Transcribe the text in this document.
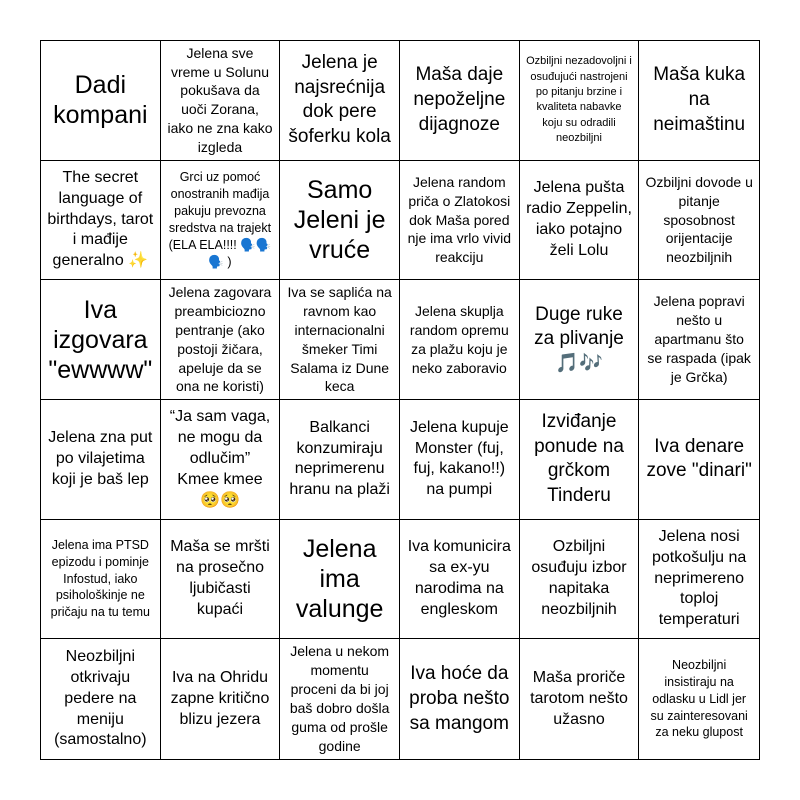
Dadi kompani
Jelena sve vreme u Solunu pokušava da uoči Zorana, iako ne zna kako izgleda
Jelena je najsrećnija dok pere šoferku kola
Maša daje nepoželjne dijagnoze
Ozbiljni nezadovoljni i osuđujući nastrojeni po pitanju brzine i kvaliteta nabavke koju su odradili neozbiljni
Maša kuka na neimaštinu
The secret language of birthdays, tarot i mađije generalno ✨
Grci uz pomoć onostranih mađija pakuju prevozna sredstva na trajekt (ELA ELA!!!! 🗣️🗣️🗣️ )
Samo Jeleni je vruće
Jelena random priča o Zlatokosi dok Maša pored nje ima vrlo vivid reakciju
Jelena pušta radio Zeppelin, iako potajno želi Lolu
Ozbiljni dovode u pitanje sposobnost orijentacije neozbiljnih
Iva izgovara "ewwww"
Jelena zagovara preambiciozno pentranje (ako postoji žičara, apeluje da se ona ne koristi)
Iva se saplića na ravnom kao internacionalni šmeker Timi Salama iz Dune keca
Jelena skuplja random opremu za plažu koju je neko zaboravio
Duge ruke za plivanje 🎵🎶
Jelena popravi nešto u apartmanu što se raspada (ipak je Grčka)
Jelena zna put po vilajetima koji je baš lep
“Ja sam vaga, ne mogu da odlučim” Kmee kmee 🥺🥺
Balkanci konzumiraju neprimerenu hranu na plaži
Jelena kupuje Monster (fuj, fuj, kakano!!) na pumpi
Izviđanje ponude na grčkom Tinderu
Iva denare zove "dinari"
Jelena ima PTSD epizodu i pominje Infostud, iako psihološkinje ne pričaju na tu temu
Maša se mršti na prosečno ljubičasti kupaći
Jelena ima valunge
Iva komunicira sa ex-yu narodima na engleskom
Ozbiljni osuđuju izbor napitaka neozbiljnih
Jelena nosi potkošulju na neprimereno toploj temperaturi
Neozbiljni otkrivaju pedere na meniju (samostalno)
Iva na Ohridu zapne kritično blizu jezera
Jelena u nekom momentu proceni da bi joj baš dobro došla guma od prošle godine
Iva hoće da proba nešto sa mangom
Maša proriče tarotom nešto užasno
Neozbiljni insistiraju na odlasku u Lidl jer su zainteresovani za neku glupost
